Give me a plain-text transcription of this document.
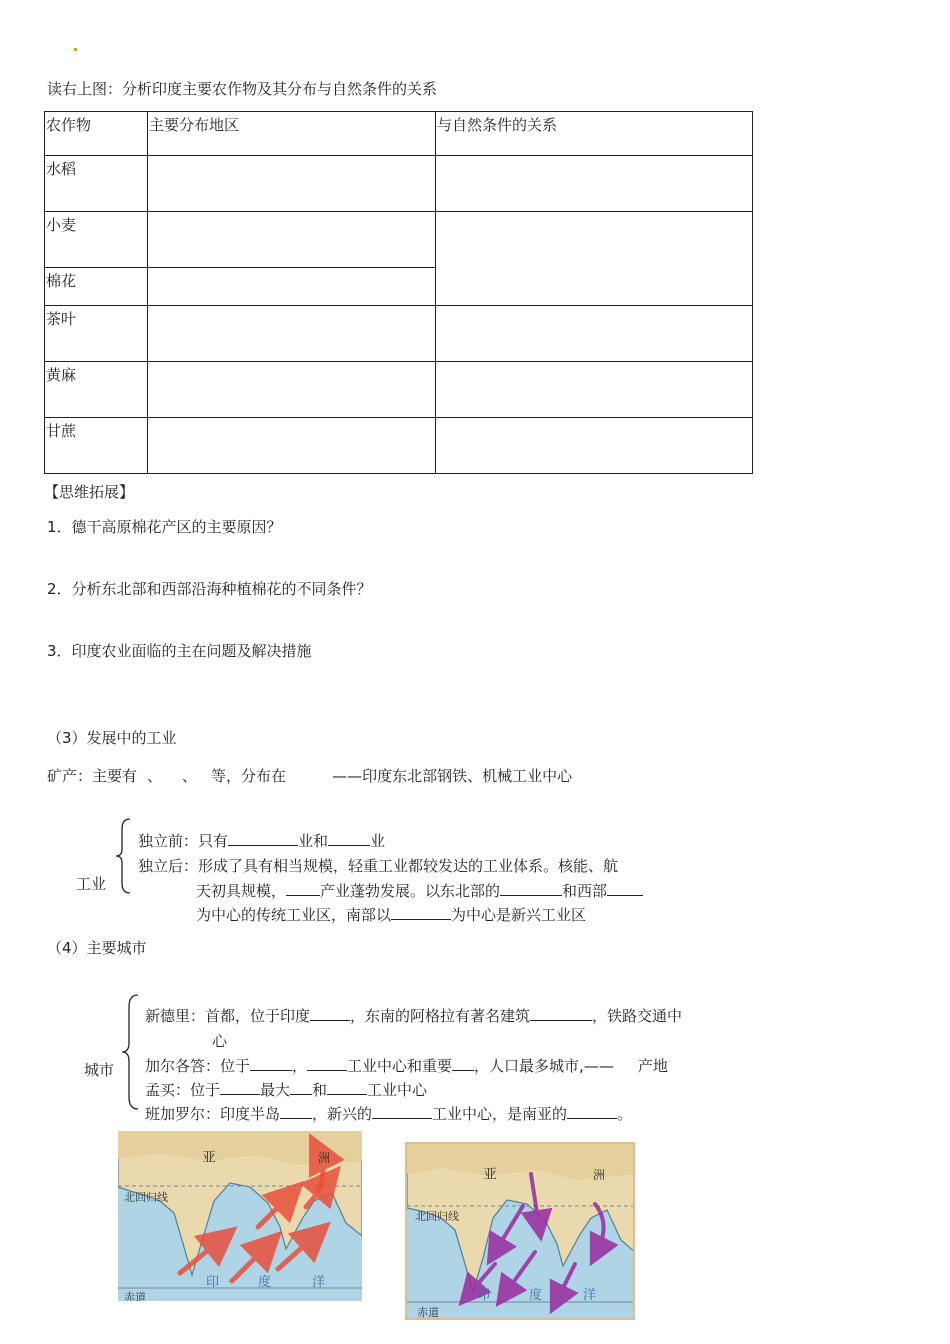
读右上图：分析印度主要农作物及其分布与自然条件的关系
农作物	主要分布地区	与自然条件的关系
水稻		
小麦		
棉花		
茶叶		
黄麻		
甘蔗		
【思维拓展】
1．德干高原棉花产区的主要原因？
2．分析东北部和西部沿海种植棉花的不同条件？
3．印度农业面临的主在问题及解决措施
（3）发展中的工业
矿产：主要有 、 、 等，分布在	——印度东北部钢铁、机械工业中心
工业
独立前：只有	业和	业
独立后：形成了具有相当规模，轻重工业都较发达的工业体系。核能、航
天初具规模， 产业蓬勃发展。以东北部的	和西部
为中心的传统工业区，南部以	为中心是新兴工业区
（4）主要城市
城市
新德里：首都，位于印度	，东南的阿格拉有著名建筑	，铁路交通中
心
加尔各答：位于	，	工业中心和重要 ，人口最多城市,—— 产地
孟买：位于	最大 和	工业中心
班加罗尔：印度半岛 ，新兴的	工业中心，是南亚的	。
亚	洲
北回归线
印	度	洋
赤道
亚	洲
北回归线
印	度	洋
赤道
